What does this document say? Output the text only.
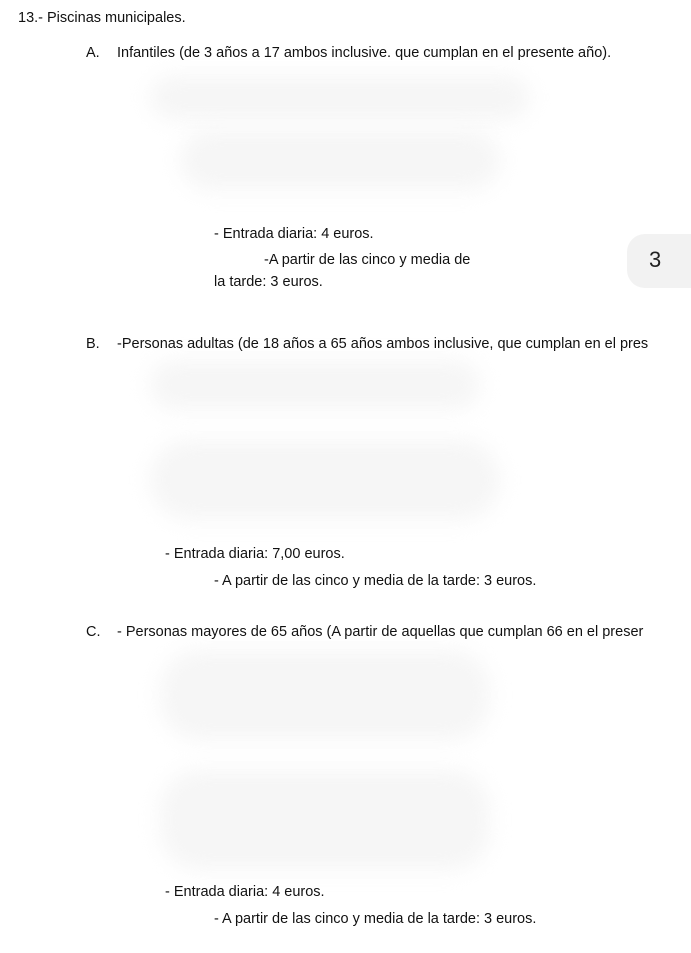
13.- Piscinas municipales.
A. Infantiles (de 3 años a 17 ambos inclusive. que cumplan en el presente año).
- Entrada diaria: 4 euros.
-A partir de las cinco y media de
la tarde: 3 euros.
3
B. -Personas adultas (de 18 años a 65 años ambos inclusive, que cumplan en el pres
- Entrada diaria: 7,00 euros.
- A partir de las cinco y media de la tarde: 3 euros.
C. - Personas mayores de 65 años (A partir de aquellas que cumplan 66 en el preser
- Entrada diaria: 4 euros.
- A partir de las cinco y media de la tarde: 3 euros.
